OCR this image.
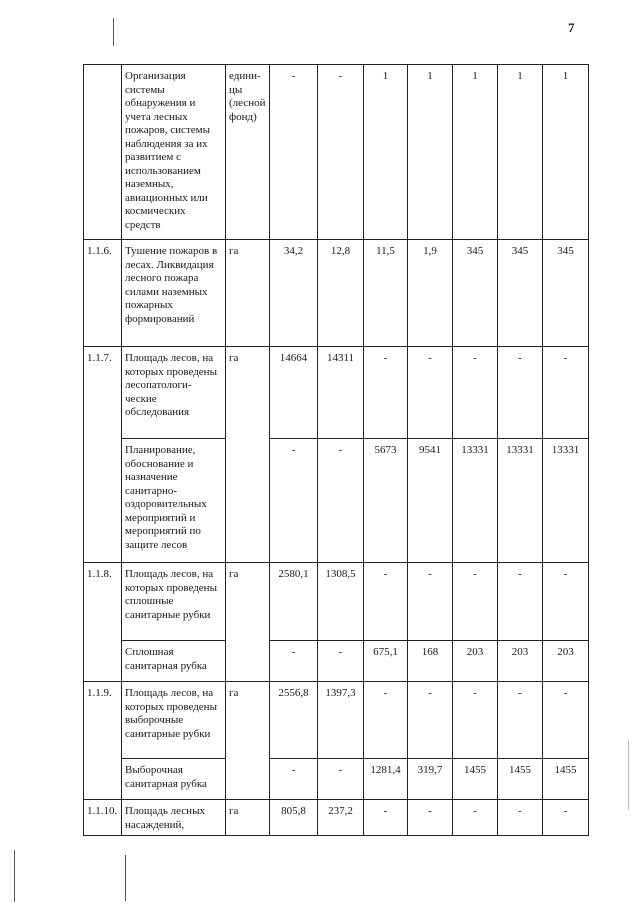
7
	Организация системы обнаружения и учета лесных пожаров, системы наблюдения за их развитием с использованием наземных, авиационных или космических средств	едини-цы (лесной фонд)	-	-	1	1	1	1	1
1.1.6.	Тушение пожаров в лесах. Ликвидация лесного пожара силами наземных пожарных формирований	га	34,2	12,8	11,5	1,9	345	345	345
1.1.7.	Площадь лесов, на которых проведены лесопатологи-ческие обследования	га	14664	14311	-	-	-	-	-
	Планирование, обоснование и назначение санитарно-оздоровительных мероприятий и мероприятий по защите лесов		-	-	5673	9541	13331	13331	13331
1.1.8.	Площадь лесов, на которых проведены сплошные санитарные рубки	га	2580,1	1308,5	-	-	-	-	-
	Сплошная санитарная рубка		-	-	675,1	168	203	203	203
1.1.9.	Площадь лесов, на которых проведены выборочные санитарные рубки	га	2556,8	1397,3	-	-	-	-	-
	Выборочная санитарная рубка		-	-	1281,4	319,7	1455	1455	1455
1.1.10.	Площадь лесных насаждений,	га	805,8	237,2	-	-	-	-	-
